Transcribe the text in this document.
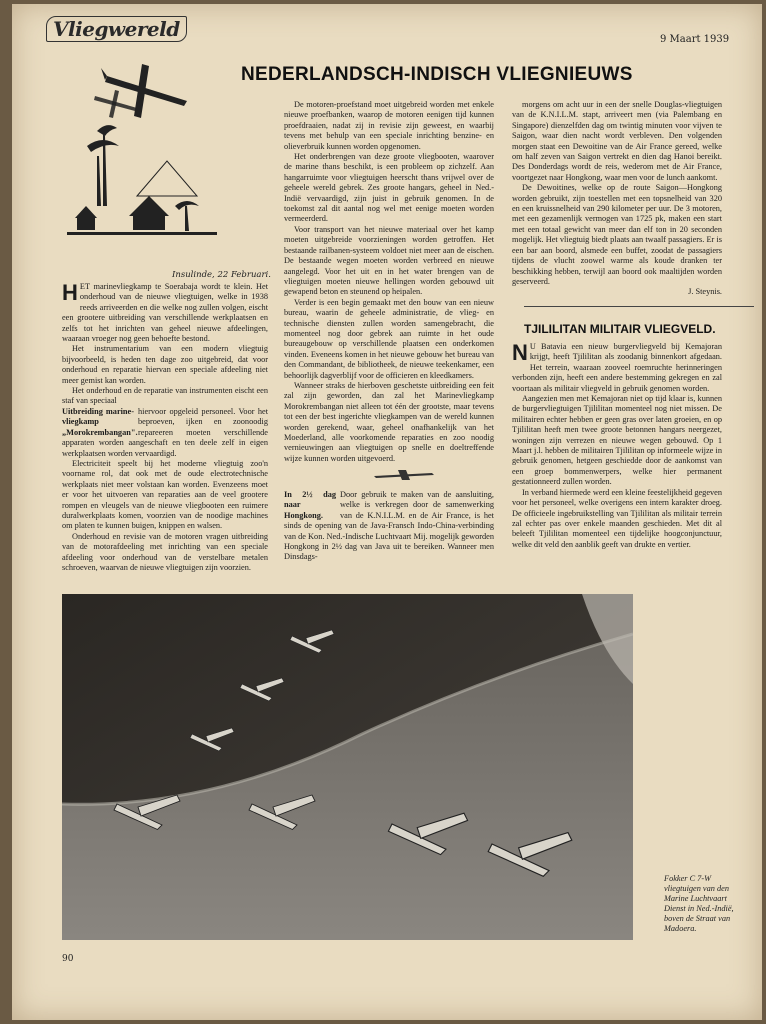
Vliegwereld	9 Maart 1939
NEDERLANDSCH-INDISCH VLIEGNIEUWS
Insulinde, 22 Februari.

HET marinevliegkamp te Soerabaja wordt te klein. Het onderhoud van de nieuwe vliegtuigen, welke in 1938 reeds arriveerden en die welke nog zullen volgen, eischt een grootere uitbreiding van verschillende werkplaatsen en zelfs tot het inrichten van geheel nieuwe afdeelingen, waaraan vroeger nog geen behoefte bestond.

Het instrumentarium van een modern vliegtuig bijvoorbeeld, is heden ten dage zoo uitgebreid, dat voor onderhoud en reparatie hiervan een speciale afdeeling niet meer gemist kan worden.

Het onderhoud en de reparatie van instrumenten eischt een staf van speciaal

Uitbreiding marine-vliegkamp „Morokrembangan".
hiervoor opgeleid personeel. Voor het beproeven, ijken en zoonoodig repareeren moeten verschillende apparaten worden aangeschaft en ten deele zelf in eigen werkplaatsen worden vervaardigd.

Electriciteit speelt bij het moderne vliegtuig zoo'n voorname rol, dat ook met de oude electrotechnische werkplaats niet meer volstaan kan worden. Evenzeens moet er voor het uitvoeren van reparaties aan de veel grootere rompen en vleugels van de nieuwe vliegbooten een ruimere duralwerkplaats komen, voorzien van de noodige machines om platen te kunnen buigen, knippen en walsen.

Onderhoud en revisie van de motoren vragen uitbreiding van de motorafdeeling met inrichting van een speciale afdeeling voor onderhoud van de verstelbare metalen schroeven, waarvan de nieuwe vliegtuigen zijn voorzien.

De motoren-proefstand moet uitgebreid worden met enkele nieuwe proefbanken, waarop de motoren eenigen tijd kunnen proefdraaien, nadat zij in revisie zijn geweest, en waarbij tevens met behulp van een speciale inrichting benzine- en olieverbruik kunnen worden opgenomen.

Het onderbrengen van deze groote vliegbooten, waarover de marine thans beschikt, is een probleem op zichzelf. Aan hangarruimte voor vliegtuigen heerscht thans vrijwel over de geheele wereld gebrek. Zes groote hangars, geheel in Ned.-Indië vervaardigd, zijn juist in gebruik genomen. In de toekomst zal dit aantal nog wel met eenige moeten worden vermeerderd.

Voor transport van het nieuwe materiaal over het kamp moeten uitgebreide voorzieningen worden getroffen. Het bestaande railbanen-systeem voldoet niet meer aan de eischen. De bestaande wegen moeten worden verbreed en nieuwe aangelegd. Voor het uit en in het water brengen van de vliegtuigen moeten nieuwe hellingen worden gebouwd uit gewapend beton en steunend op heipalen.

Verder is een begin gemaakt met den bouw van een nieuw bureau, waarin de geheele administratie, de vlieg- en technische diensten zullen worden samengebracht, die momenteel nog door gebrek aan ruimte in het oude bureaugebouw op verschillende plaatsen een onderkomen vinden. Eveneens komen in het nieuwe gebouw het bureau van den Commandant, de bibliotheek, de nieuwe teekenkamer, een behoorlijk dagverblijf voor de officieren en kleedkamers.

Wanneer straks de hierboven geschetste uitbreiding een feit zal zijn geworden, dan zal het Marinevliegkamp Morokrembangan niet alleen tot één der grootste, maar tevens tot een der best ingerichte vliegkampen van de wereld kunnen worden gerekend, waar, geheel onafhankelijk van het Moederland, alle voorkomende reparaties en zoo noodig vernieuwingen aan vliegtuigen op snelle en doeltreffende wijze kunnen worden uitgevoerd.

In 2½ dag naar Hongkong.
Door gebruik te maken van de aansluiting, welke is verkregen door de samenwerking van de K.N.I.L.M. en de Air France, is het sinds de opening van de Java-Fransch Indo-China-verbinding van de Kon. Ned.-Indische Luchtvaart Mij. mogelijk geworden Hongkong in 2½ dag van Java uit te bereiken. Wanneer men Dinsdags-

morgens om acht uur in een der snelle Douglas-vliegtuigen van de K.N.I.L.M. stapt, arriveert men (via Palembang en Singapore) dienzelfden dag om twintig minuten voor vijven te Saigon, waar dien nacht wordt verbleven. Den volgenden morgen staat een Dewoitine van de Air France gereed, welke om half zeven van Saigon vertrekt en dien dag Hanoi bereikt. Des Donderdags wordt de reis, wederom met de Air France, voortgezet naar Hongkong, waar men voor de lunch aankomt.

De Dewoitines, welke op de route Saigon—Hongkong worden gebruikt, zijn toestellen met een topsnelheid van 320 en een kruissnelheid van 290 kilometer per uur. De 3 motoren, met een gezamenlijk vermogen van 1725 pk, maken een start met een totaal gewicht van meer dan elf ton in 20 seconden mogelijk. Het vliegtuig biedt plaats aan twaalf passagiers. Er is een bar aan boord, alsmede een buffet, zoodat de passagiers tijdens de vlucht zoowel warme als koude dranken ter beschikking hebben, terwijl aan boord ook maaltijden worden geserveerd.

J. Steynis.

TJILILITAN MILITAIR VLIEGVELD.

N U Batavia een nieuw burgervliegveld bij Kemajoran krijgt, heeft Tjililitan als zoodanig binnenkort afgedaan. Het terrein, waaraan zooveel roemruchte herinneringen verbonden zijn, heeft een andere bestemming gekregen en zal voortaan als militair vliegveld in gebruik genomen worden.

Aangezien men met Kemajoran niet op tijd klaar is, kunnen de burgervliegtuigen Tjililitan momenteel nog niet missen. De militairen echter hebben er geen gras over laten groeien, en op Tjililitan heeft men twee groote betonnen hangars neergezet, woningen zijn verrezen en nieuwe wegen gebouwd. Op 1 Maart j.l. hebben de militairen Tjililitan op informeele wijze in gebruik genomen, hetgeen geschiedde door de aankomst van een groep bommenwerpers, welke hier permanent gestationneerd zullen worden.

In verband hiermede werd een kleine feestelijkheid gegeven voor het personeel, welke overigens een intern karakter droeg. De officieele ingebruikstelling van Tjililitan als militair terrein zal echter pas over enkele maanden geschieden. Met dit al beleeft Tjililitan momenteel een tijdelijke hoogconjunctuur, welke dit veld den aanblik geeft van drukte en vertier.

Fokker C 7-W vliegtuigen van den Marine Luchtvaart Dienst in Ned.-Indië, boven de Straat van Madoera.
90
